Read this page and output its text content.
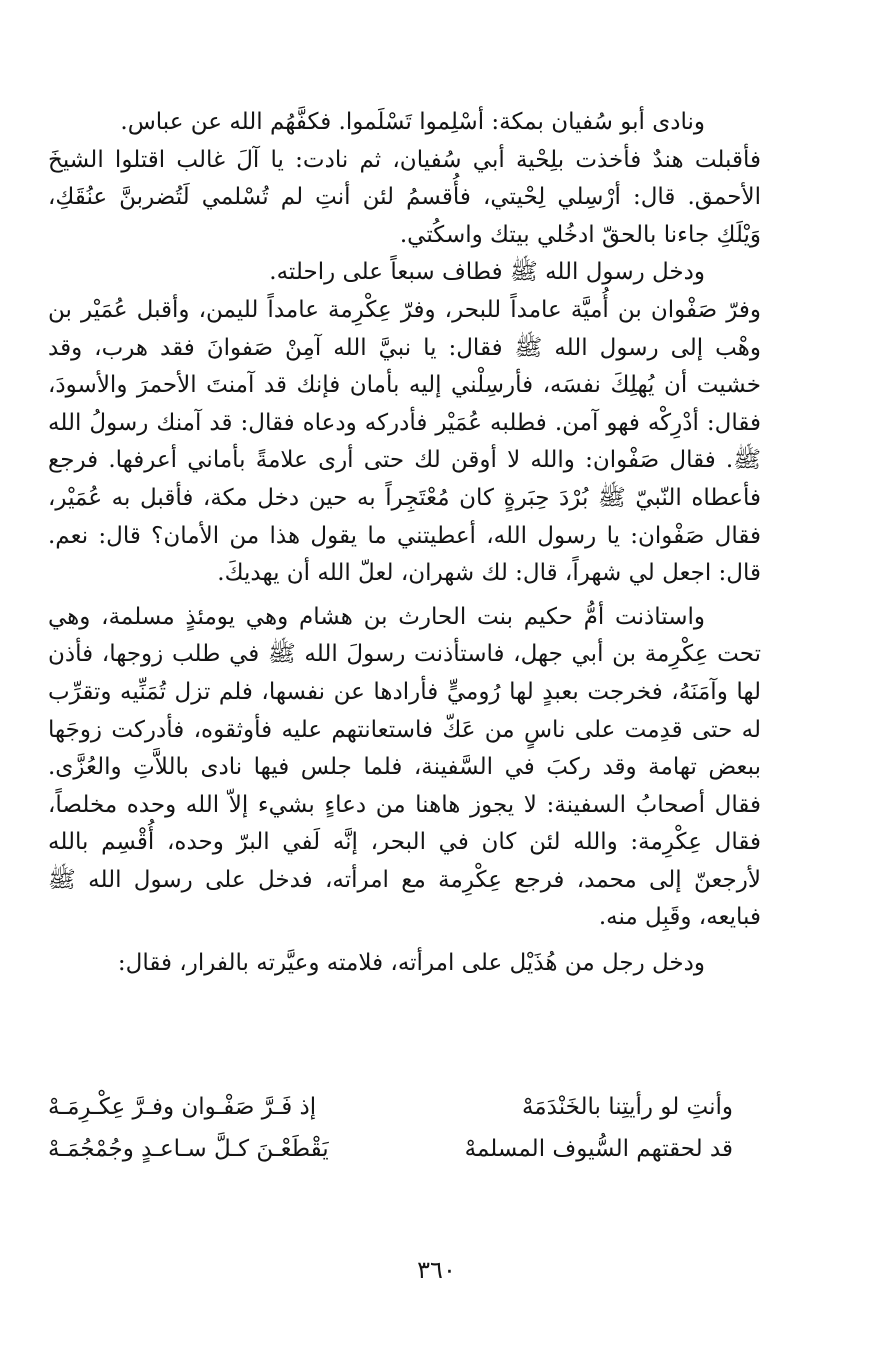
ونادى أبو سُفيان بمكة: أسْلِموا تَسْلَموا. فكفَّهُم الله عن عباس.

فأقبلت هندٌ فأخذت بلِحْية أبي سُفيان، ثم نادت: يا آلَ غالب اقتلوا الشيخَ الأحمق. قال: أرْسِلي لِحْيتي، فأُقسمُ لئن أنتِ لم تُسْلمي لَتُضربنَّ عنُقَكِ، وَيْلَكِ جاءنا بالحقّ ادخُلي بيتك واسكُتي.

ودخل رسول الله ﷺ فطاف سبعاً على راحلته.

وفرّ صَفْوان بن أُميَّة عامداً للبحر، وفرّ عِكْرِمة عامداً لليمن، وأقبل عُمَيْر بن وهْب إلى رسول الله ﷺ فقال: يا نبيَّ الله آمِنْ صَفوانَ فقد هرب، وقد خشيت أن يُهلِكَ نفسَه، فأرسِلْني إليه بأمان فإنك قد آمنتَ الأحمرَ والأسودَ، فقال: أدْرِكْه فهو آمن. فطلبه عُمَيْر فأدركه ودعاه فقال: قد آمنك رسولُ الله ﷺ. فقال صَفْوان: والله لا أوقن لك حتى أرى علامةً بأماني أعرفها. فرجع فأعطاه النّبيّ ﷺ بُرْدَ حِبَرةٍ كان مُعْتَجِراً به حين دخل مكة، فأقبل به عُمَيْر، فقال صَفْوان: يا رسول الله، أعطيتني ما يقول هذا من الأمان؟ قال: نعم. قال: اجعل لي شهراً، قال: لك شهران، لعلّ الله أن يهديكَ.

واستاذنت أمُّ حكيم بنت الحارث بن هشام وهي يومئذٍ مسلمة، وهي تحت عِكْرِمة بن أبي جهل، فاستأذنت رسولَ الله ﷺ في طلب زوجها، فأذن لها وآمَنَهُ، فخرجت بعبدٍ لها رُوميٍّ فأرادها عن نفسها، فلم تزل تُمَنِّيه وتقرِّب له حتى قدِمت على ناسٍ من عَكّ فاستعانتهم عليه فأوثقوه، فأدركت زوجَها ببعض تهامة وقد ركبَ في السَّفينة، فلما جلس فيها نادى باللاَّتِ والعُزَّى. فقال أصحابُ السفينة: لا يجوز هاهنا من دعاءٍ بشيء إلاّ الله وحده مخلصاً، فقال عِكْرِمة: والله لئن كان في البحر، إنَّه لَفي البرّ وحده، أُقْسِم بالله لأرجعنّ إلى محمد، فرجع عِكْرِمة مع امرأته، فدخل على رسول الله ﷺ فبايعه، وقَبِل منه.

ودخل رجل من هُذَيْل على امرأته، فلامته وعيَّرته بالفرار، فقال:

وأنتِ لو رأيتِنا بالخَنْدَمَهْ
إذ فَـرَّ صَفْـوان وفـرَّ عِكْـرِمَـهْ
قد لحقتهم السُّيوف المسلمهْ
يَقْطَعْـنَ كـلَّ سـاعـدٍ وجُمْجُمَـهْ
٣٦٠
